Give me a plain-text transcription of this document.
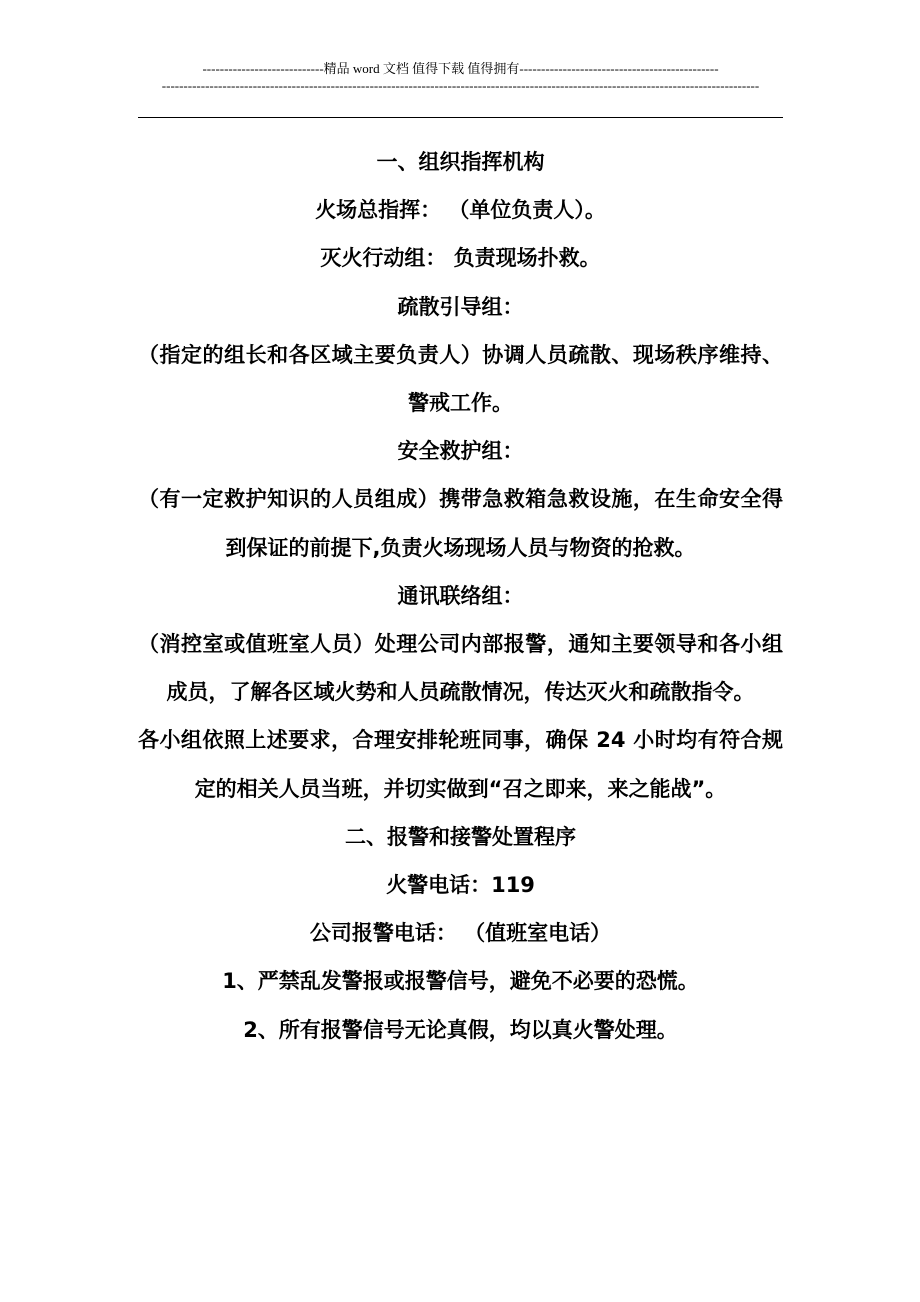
----------------------------精品 word 文档 值得下载 值得拥有----------------------------------------------
------------------------------------------------------------------------------------------------------------------------------------------

一、组织指挥机构

火场总指挥： （单位负责人）。

灭火行动组： 负责现场扑救。

疏散引导组：

（指定的组长和各区域主要负责人）协调人员疏散、现场秩序维持、警戒工作。

安全救护组：

（有一定救护知识的人员组成）携带急救箱急救设施，在生命安全得到保证的前提下,负责火场现场人员与物资的抢救。

通讯联络组：

（消控室或值班室人员）处理公司内部报警，通知主要领导和各小组成员，了解各区域火势和人员疏散情况，传达灭火和疏散指令。

各小组依照上述要求，合理安排轮班同事，确保 24 小时均有符合规定的相关人员当班，并切实做到“召之即来，来之能战”。

二、报警和接警处置程序

火警电话：119

公司报警电话： （值班室电话）

1、严禁乱发警报或报警信号，避免不必要的恐慌。

2、所有报警信号无论真假，均以真火警处理。
